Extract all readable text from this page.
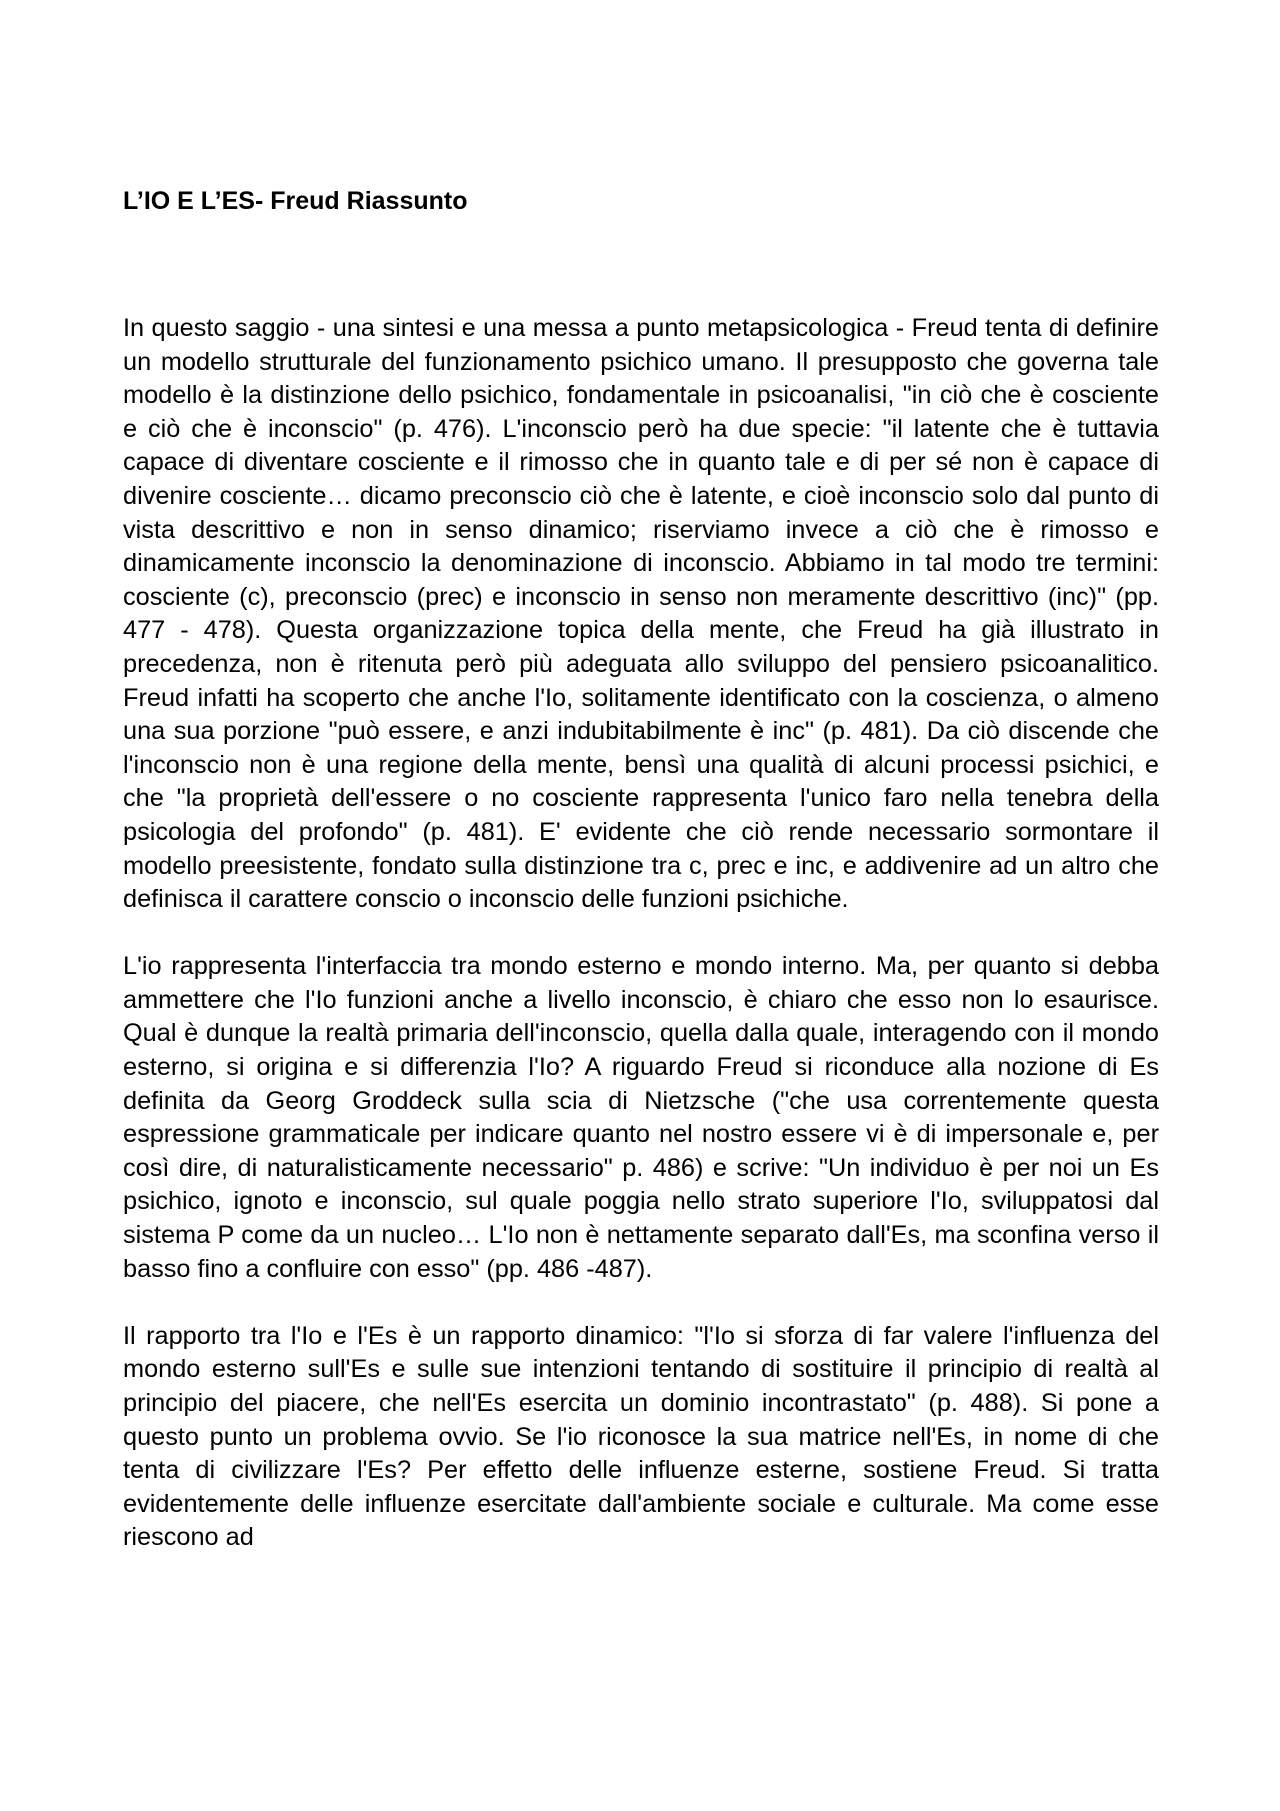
L’IO E L’ES- Freud Riassunto

In questo saggio - una sintesi e una messa a punto metapsicologica - Freud tenta di definire un modello strutturale del funzionamento psichico umano. Il presupposto che governa tale modello è la distinzione dello psichico, fondamentale in psicoanalisi, "in ciò che è cosciente e ciò che è inconscio" (p. 476). L'inconscio però ha due specie: "il latente che è tuttavia capace di diventare cosciente e il rimosso che in quanto tale e di per sé non è capace di divenire cosciente… dicamo preconscio ciò che è latente, e cioè inconscio solo dal punto di vista descrittivo e non in senso dinamico; riserviamo invece a ciò che è rimosso e dinamicamente inconscio la denominazione di inconscio. Abbiamo in tal modo tre termini: cosciente (c), preconscio (prec) e inconscio in senso non meramente descrittivo (inc)" (pp. 477 - 478). Questa organizzazione topica della mente, che Freud ha già illustrato in precedenza, non è ritenuta però più adeguata allo sviluppo del pensiero psicoanalitico. Freud infatti ha scoperto che anche l'Io, solitamente identificato con la coscienza, o almeno una sua porzione "può essere, e anzi indubitabilmente è inc" (p. 481). Da ciò discende che l'inconscio non è una regione della mente, bensì una qualità di alcuni processi psichici, e che "la proprietà dell'essere o no cosciente rappresenta l'unico faro nella tenebra della psicologia del profondo" (p. 481). E' evidente che ciò rende necessario sormontare il modello preesistente, fondato sulla distinzione tra c, prec e inc, e addivenire ad un altro che definisca il carattere conscio o inconscio delle funzioni psichiche.

L'io rappresenta l'interfaccia tra mondo esterno e mondo interno. Ma, per quanto si debba ammettere che l'Io funzioni anche a livello inconscio, è chiaro che esso non lo esaurisce. Qual è dunque la realtà primaria dell'inconscio, quella dalla quale, interagendo con il mondo esterno, si origina e si differenzia l'Io? A riguardo Freud si riconduce alla nozione di Es definita da Georg Groddeck sulla scia di Nietzsche ("che usa correntemente questa espressione grammaticale per indicare quanto nel nostro essere vi è di impersonale e, per così dire, di naturalisticamente necessario" p. 486) e scrive: "Un individuo è per noi un Es psichico, ignoto e inconscio, sul quale poggia nello strato superiore l'Io, sviluppatosi dal sistema P come da un nucleo… L'Io non è nettamente separato dall'Es, ma sconfina verso il basso fino a confluire con esso" (pp. 486 -487).

Il rapporto tra l'Io e l'Es è un rapporto dinamico: "l'Io si sforza di far valere l'influenza del mondo esterno sull'Es e sulle sue intenzioni tentando di sostituire il principio di realtà al principio del piacere, che nell'Es esercita un dominio incontrastato" (p. 488). Si pone a questo punto un problema ovvio. Se l'io riconosce la sua matrice nell'Es, in nome di che tenta di civilizzare l'Es? Per effetto delle influenze esterne, sostiene Freud. Si tratta evidentemente delle influenze esercitate dall'ambiente sociale e culturale. Ma come esse riescono ad
